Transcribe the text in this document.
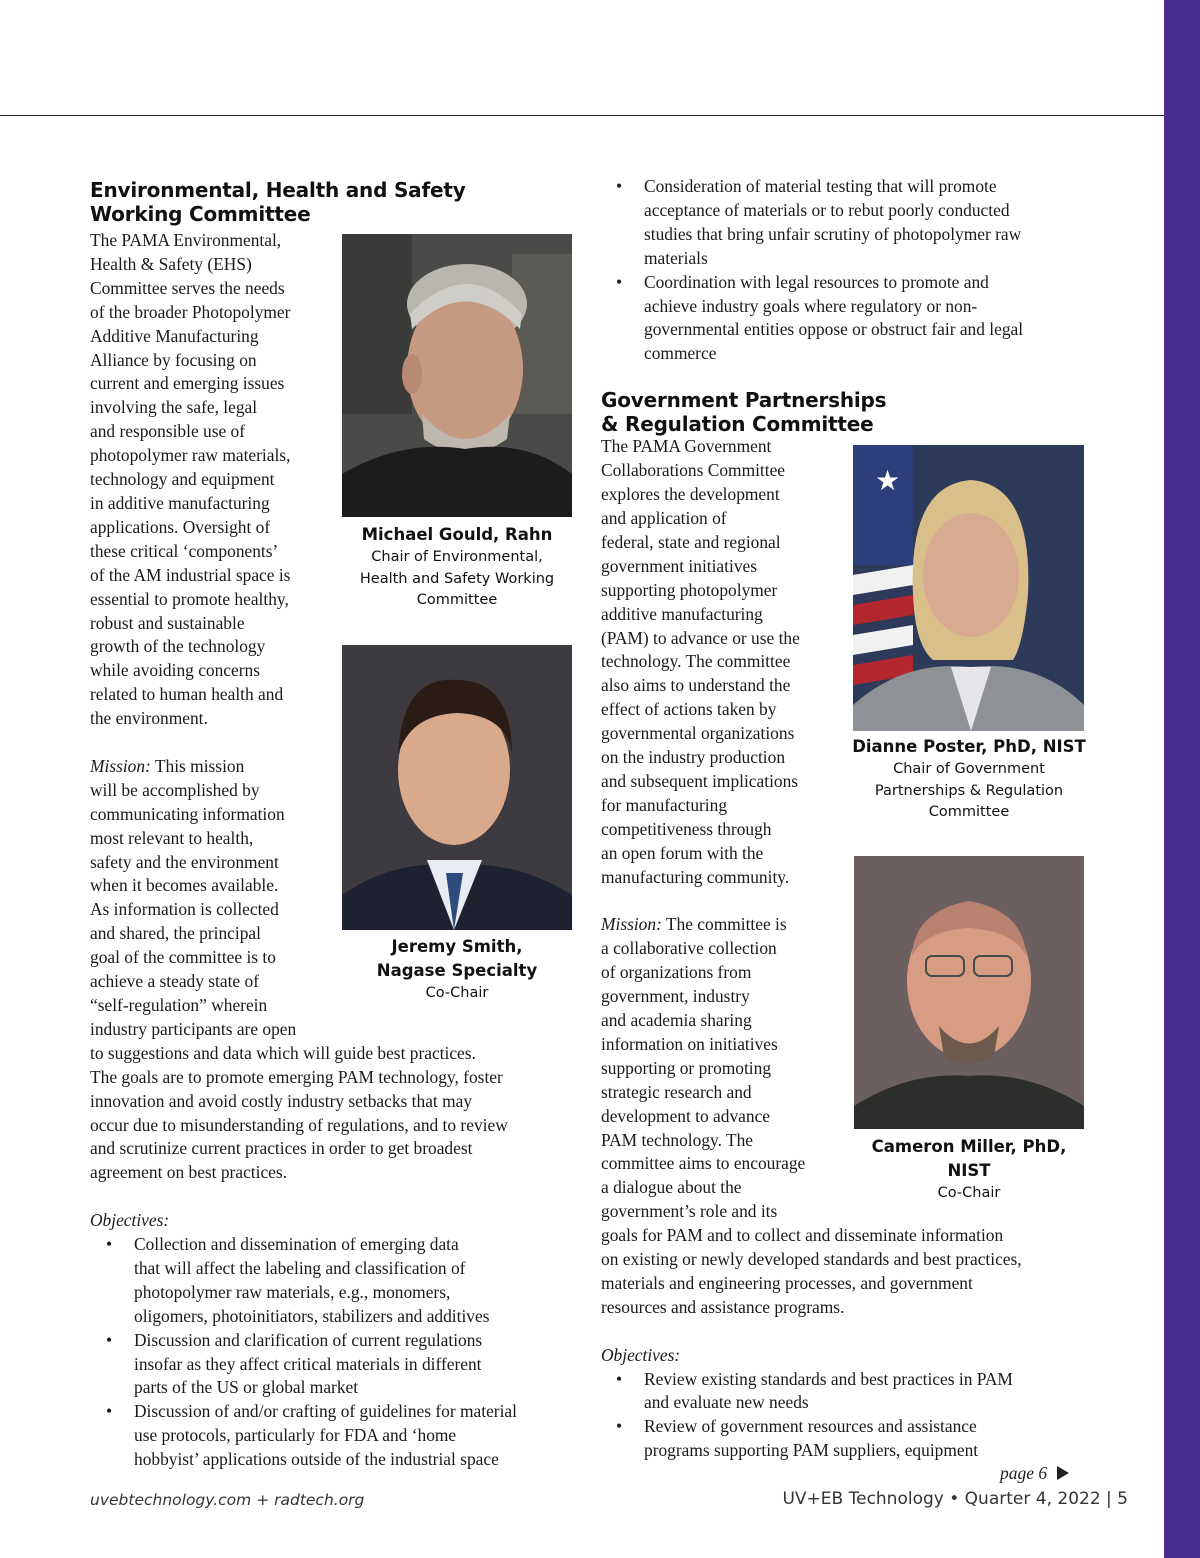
Environmental, Health and Safety
Working Committee
The PAMA Environmental,
Health & Safety (EHS)
Committee serves the needs
of the broader Photopolymer
Additive Manufacturing
Alliance by focusing on
current and emerging issues
involving the safe, legal
and responsible use of
photopolymer raw materials,
technology and equipment
in additive manufacturing
applications. Oversight of
these critical ‘components’
of the AM industrial space is
essential to promote healthy,
robust and sustainable
growth of the technology
while avoiding concerns
related to human health and
the environment.
Mission: This mission
will be accomplished by
communicating information
most relevant to health,
safety and the environment
when it becomes available.
As information is collected
and shared, the principal
goal of the committee is to
achieve a steady state of
“self-regulation” wherein
industry participants are open
to suggestions and data which will guide best practices.
The goals are to promote emerging PAM technology, foster
innovation and avoid costly industry setbacks that may
occur due to misunderstanding of regulations, and to review
and scrutinize current practices in order to get broadest
agreement on best practices.

Objectives:

• Collection and dissemination of emerging data
that will affect the labeling and classification of
photopolymer raw materials, e.g., monomers,
oligomers, photoinitiators, stabilizers and additives
• Discussion and clarification of current regulations
insofar as they affect critical materials in different
parts of the US or global market
• Discussion of and/or crafting of guidelines for material
use protocols, particularly for FDA and ‘home
hobbyist’ applications outside of the industrial space
Michael Gould, Rahn
Chair of Environmental,
Health and Safety Working
Committee
Jeremy Smith,
Nagase Specialty
Co-Chair
• Consideration of material testing that will promote
acceptance of materials or to rebut poorly conducted
studies that bring unfair scrutiny of photopolymer raw
materials
• Coordination with legal resources to promote and
achieve industry goals where regulatory or non-
governmental entities oppose or obstruct fair and legal
commerce
Government Partnerships
& Regulation Committee
The PAMA Government
Collaborations Committee
explores the development
and application of
federal, state and regional
government initiatives
supporting photopolymer
additive manufacturing
(PAM) to advance or use the
technology. The committee
also aims to understand the
effect of actions taken by
governmental organizations
on the industry production
and subsequent implications
for manufacturing
competitiveness through
an open forum with the
manufacturing community.
Mission: The committee is
a collaborative collection
of organizations from
government, industry
and academia sharing
information on initiatives
supporting or promoting
strategic research and
development to advance
PAM technology. The
committee aims to encourage
a dialogue about the
government’s role and its
goals for PAM and to collect and disseminate information
on existing or newly developed standards and best practices,
materials and engineering processes, and government
resources and assistance programs.

Objectives:

• Review existing standards and best practices in PAM
and evaluate new needs
• Review of government resources and assistance
programs supporting PAM suppliers, equipment
★
Dianne Poster, PhD, NIST
Chair of Government
Partnerships & Regulation
Committee
Cameron Miller, PhD,
NIST
Co-Chair
page 6
uvebtechnology.com + radtech.org	UV+EB Technology • Quarter 4, 2022 | 5
